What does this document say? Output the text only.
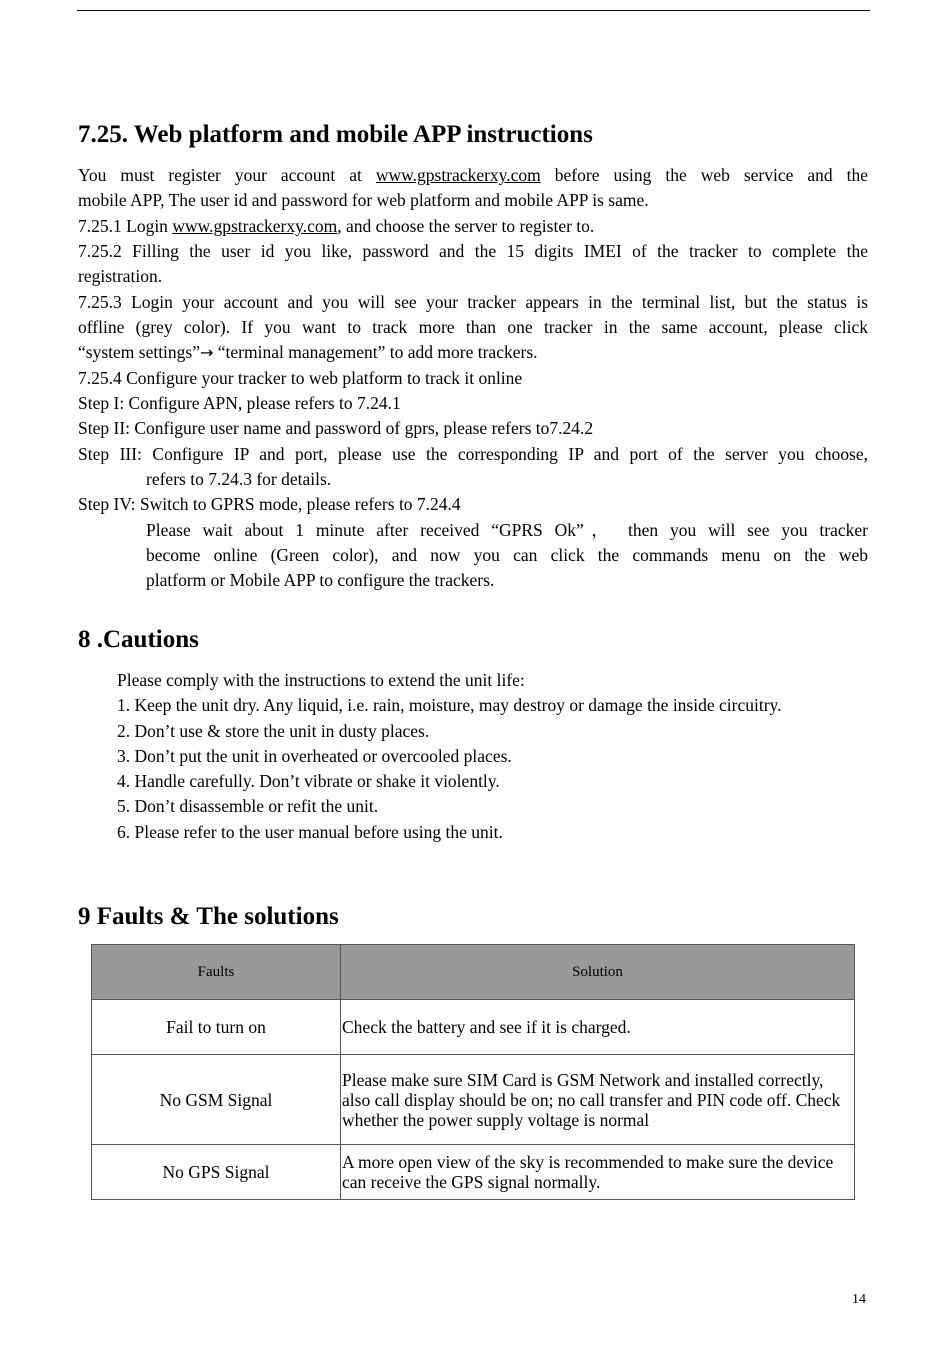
7.25. Web platform and mobile APP instructions

You must register your account at www.gpstrackerxy.com before using the web service and the

mobile APP, The user id and password for web platform and mobile APP is same.

7.25.1 Login www.gpstrackerxy.com, and choose the server to register to.

7.25.2 Filling the user id you like, password and the 15 digits IMEI of the tracker to complete the

registration.

7.25.3 Login your account and you will see your tracker appears in the terminal list, but the status is

offline (grey color). If you want to track more than one tracker in the same account, please click

“system settings”→ “terminal management” to add more trackers.

7.25.4 Configure your tracker to web platform to track it online

Step I: Configure APN, please refers to 7.24.1

Step II: Configure user name and password of gprs, please refers to7.24.2

Step III: Configure IP and port, please use the corresponding IP and port of the server you choose,

refers to 7.24.3 for details.

Step IV: Switch to GPRS mode, please refers to 7.24.4

Please wait about 1 minute after received “GPRS Ok”， then you will see you tracker

become online (Green color), and now you can click the commands menu on the web

platform or Mobile APP to configure the trackers.

8 .Cautions
Please comply with the instructions to extend the unit life:
1. Keep the unit dry. Any liquid, i.e. rain, moisture, may destroy or damage the inside circuitry.
2. Don’t use & store the unit in dusty places.
3. Don’t put the unit in overheated or overcooled places.
4. Handle carefully. Don’t vibrate or shake it violently.
5. Don’t disassemble or refit the unit.
6. Please refer to the user manual before using the unit.
9 Faults & The solutions
Faults	Solution
Fail to turn on	Check the battery and see if it is charged.
No GSM Signal	Please make sure SIM Card is GSM Network and installed correctly, also call display should be on; no call transfer and PIN code off. Check whether the power supply voltage is normal
No GPS Signal	A more open view of the sky is recommended to make sure the device can receive the GPS signal normally.
14
